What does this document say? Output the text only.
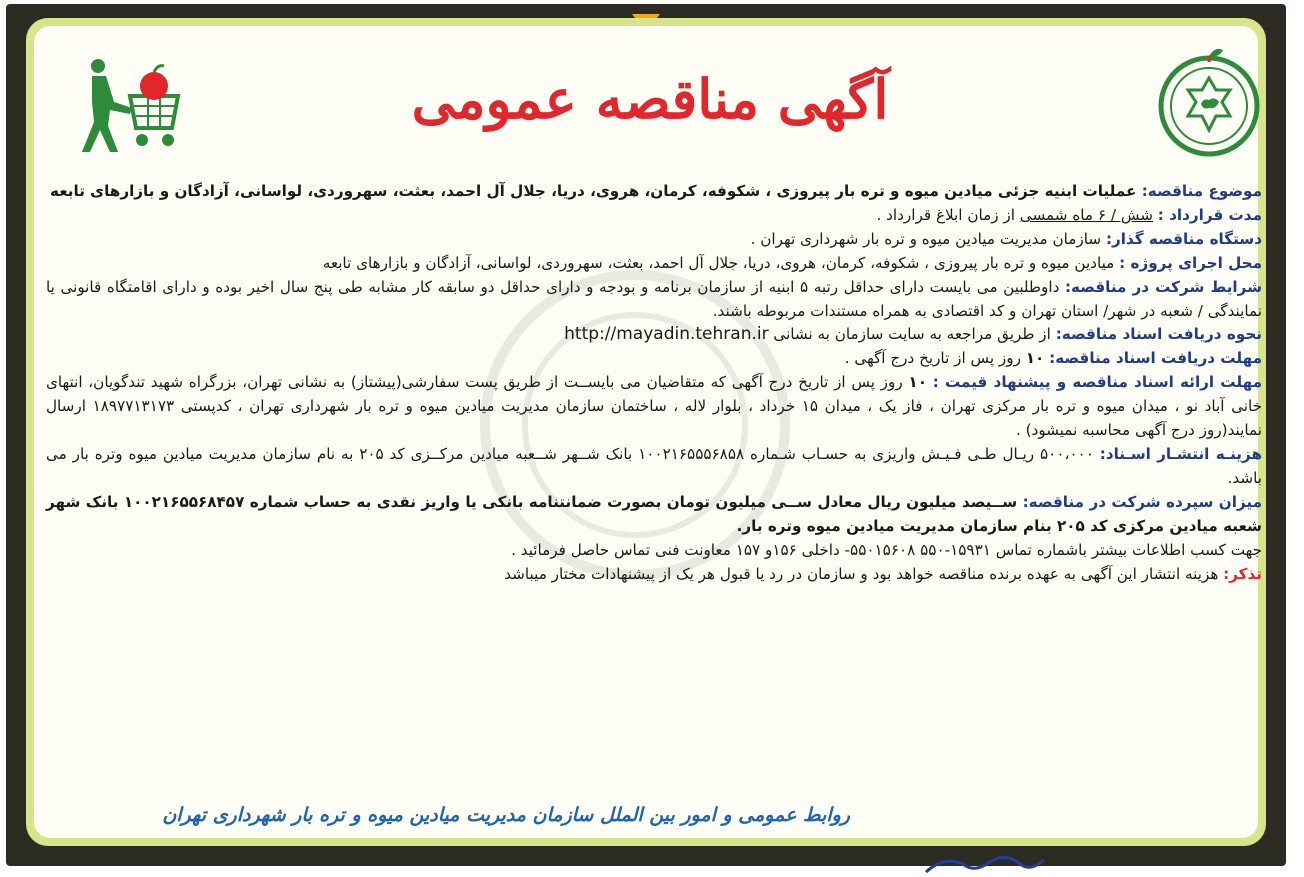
آگهی مناقصه عمومی

موضوع مناقصه: عملیات ابنیه جزئی میادین میوه و تره بار پیروزی ، شکوفه، کرمان، هروی، دریا، جلال آل احمد، بعثت، سهروردی، لواسانی، آزادگان و بازارهای تابعه

مدت قرارداد : شش / ۶ ماه شمسی از زمان ابلاغ قرارداد .

دستگاه مناقصه گذار: سازمان مدیریت میادین میوه و تره بار شهرداری تهران .

محل اجرای پروژه : میادین میوه و تره بار پیروزی ، شکوفه، کرمان، هروی، دریا، جلال آل احمد، بعثت، سهروردی، لواسانی، آزادگان و بازارهای تابعه

شرایط شرکت در مناقصه: داوطلبین می بایست دارای حداقل رتبه ۵ ابنیه از سازمان برنامه و بودجه و دارای حداقل دو سابقه کار مشابه طی پنج سال اخیر بوده و دارای اقامتگاه قانونی یا نمایندگی / شعبه در شهر/ استان تهران و کد اقتصادی به همراه مستندات مربوطه باشند.

نحوه دریافت اسناد مناقصه: از طریق مراجعه به سایت سازمان به نشانی http://mayadin.tehran.ir

مهلت دریافت اسناد مناقصه: ۱۰ روز پس از تاریخ درج آگهی .

مهلت ارائه اسناد مناقصه و پیشنهاد قیمت : ۱۰ روز پس از تاریخ درج آگهی که متقاضیان می بایســت از طریق پست سفارشی(پیشتاز) به نشانی تهران، بزرگراه شهید تندگویان، انتهای خانی آباد نو ، میدان میوه و تره بار مرکزی تهران ، فاز یک ، میدان ۱۵ خرداد ، بلوار لاله ، ساختمان سازمان مدیریت میادین میوه و تره بار شهرداری تهران ، کدپستی ۱۸۹۷۷۱۳۱۷۳ ارسال نمایند(روز درج آگهی محاسبه نمیشود) .

هزینـه انتشـار اسـناد: ۵۰۰،۰۰۰ ریـال طـی فـیـش واریزی به حسـاب شـماره ۱۰۰۲۱۶۵۵۵۶۸۵۸ بانک شــهر شــعبه میادین مرکــزی کد ۲۰۵ به نام سازمان مدیریت میادین میوه وتره بار می باشد.

میزان سپرده شرکت در مناقصه: ســیصد میلیون ریال معادل ســی میلیون تومان بصورت ضمانتنامه بانکی یا واریز نقدی به حساب شماره ۱۰۰۲۱۶۵۵۶۸۴۵۷ بانک شهر شعبه میادین مرکزی کد ۲۰۵ بنام سازمان مدیریت میادین میوه وتره بار.

جهت کسب اطلاعات بیشتر باشماره تماس ۱۵۹۳۱-۵۵۰ ۵۵۰۱۵۶۰۸- داخلی ۱۵۶و ۱۵۷ معاونت فنی تماس حاصل فرمائید .

تذکر: هزینه انتشار این آگهی به عهده برنده مناقصه خواهد بود و سازمان در رد یا قبول هر یک از پیشنهادات مختار میباشد

روابط عمومی و امور بین الملل سازمان مدیریت میادین میوه و تره بار شهرداری تهران
